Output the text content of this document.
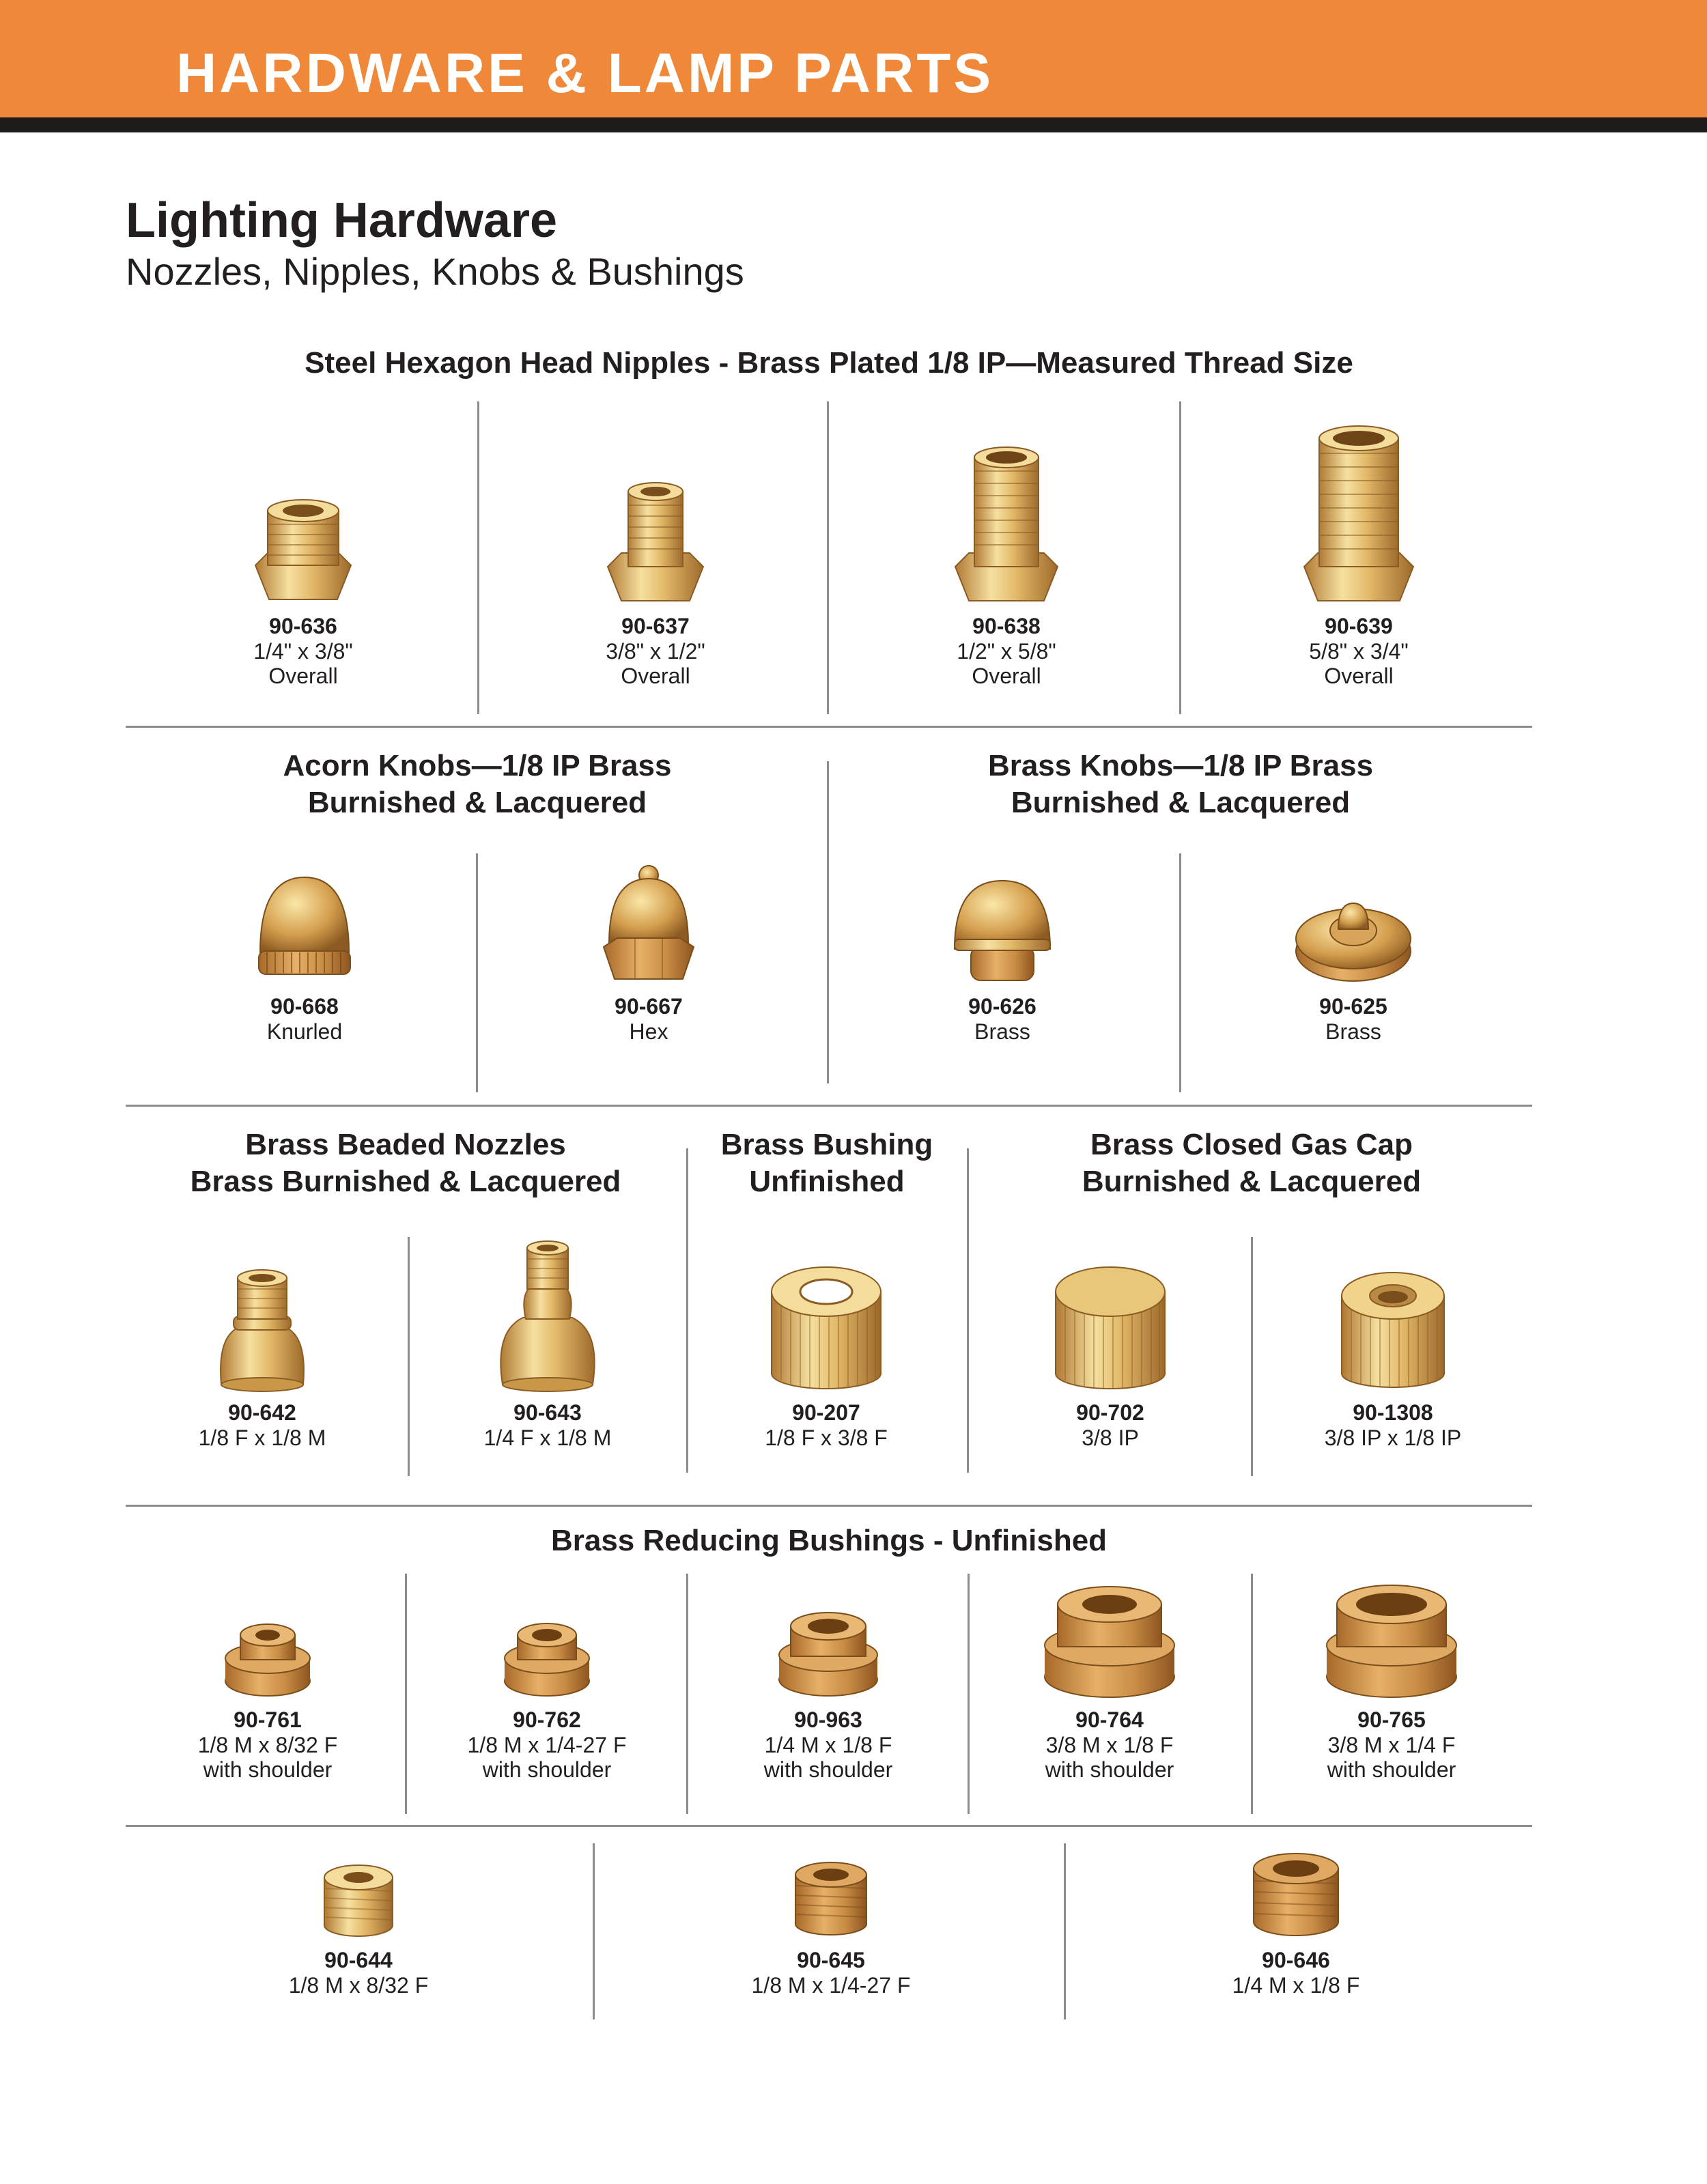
HARDWARE & LAMP PARTS
Lighting Hardware
Nozzles, Nipples, Knobs & Bushings
Steel Hexagon Head Nipples - Brass Plated 1/8 IP—Measured Thread Size
90-636
1/4" x 3/8"
Overall
90-637
3/8" x 1/2"
Overall
90-638
1/2" x 5/8"
Overall
90-639
5/8" x 3/4"
Overall
Acorn Knobs—1/8 IP Brass
Burnished & Lacquered
Brass Knobs—1/8 IP Brass
Burnished & Lacquered
90-668
Knurled
90-667
Hex
90-626
Brass
90-625
Brass
Brass Beaded Nozzles
Brass Burnished & Lacquered
Brass Bushing
Unfinished
Brass Closed Gas Cap
Burnished & Lacquered
90-642
1/8 F x 1/8 M
90-643
1/4 F x 1/8 M
90-207
1/8 F x 3/8 F
90-702
3/8 IP
90-1308
3/8 IP x 1/8 IP
Brass Reducing Bushings - Unfinished
90-761
1/8 M x 8/32 F
with shoulder
90-762
1/8 M x 1/4-27 F
with shoulder
90-963
1/4 M x 1/8 F
with shoulder
90-764
3/8 M x 1/8 F
with shoulder
90-765
3/8 M x 1/4 F
with shoulder
90-644
1/8 M x 8/32 F
90-645
1/8 M x 1/4-27 F
90-646
1/4 M x 1/8 F
